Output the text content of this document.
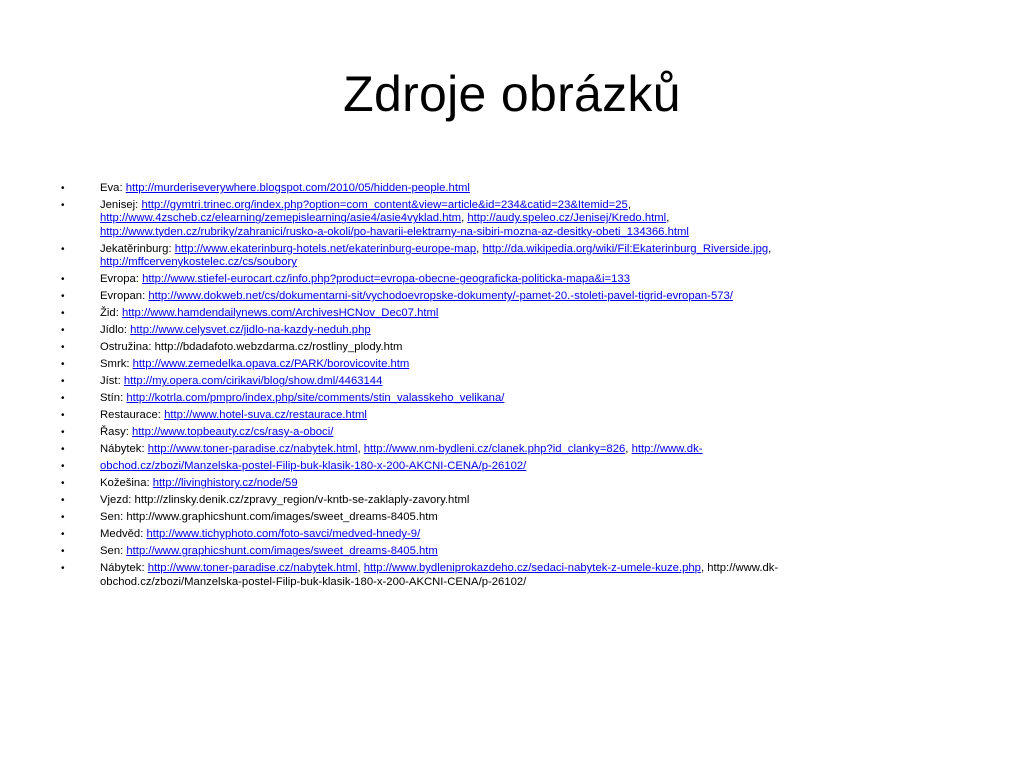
Zdroje obrázků
•	Eva: http://murderiseverywhere.blogspot.com/2010/05/hidden-people.html
•	Jenisej: http://gymtri.trinec.org/index.php?option=com_content&view=article&id=234&catid=23&Itemid=25,
http://www.4zscheb.cz/elearning/zemepislearning/asie4/asie4vyklad.htm, http://audy.speleo.cz/Jenisej/Kredo.html,
http://www.tyden.cz/rubriky/zahranici/rusko-a-okoli/po-havarii-elektrarny-na-sibiri-mozna-az-desitky-obeti_134366.html
•	Jekatěrinburg: http://www.ekaterinburg-hotels.net/ekaterinburg-europe-map, http://da.wikipedia.org/wiki/Fil:Ekaterinburg_Riverside.jpg,
http://mffcervenykostelec.cz/cs/soubory
•	Evropa: http://www.stiefel-eurocart.cz/info.php?product=evropa-obecne-geograficka-politicka-mapa&i=133
•	Evropan: http://www.dokweb.net/cs/dokumentarni-sit/vychodoevropske-dokumenty/-pamet-20.-stoleti-pavel-tigrid-evropan-573/
•	Žid: http://www.hamdendailynews.com/ArchivesHCNov_Dec07.html
•	Jídlo: http://www.celysvet.cz/jidlo-na-kazdy-neduh.php
•	Ostružina: http://bdadafoto.webzdarma.cz/rostliny_plody.htm
•	Smrk: http://www.zemedelka.opava.cz/PARK/borovicovite.htm
•	Jíst: http://my.opera.com/cirikavi/blog/show.dml/4463144
•	Stín: http://kotrla.com/pmpro/index.php/site/comments/stin_valasskeho_velikana/
•	Restaurace: http://www.hotel-suva.cz/restaurace.html
•	Řasy: http://www.topbeauty.cz/cs/rasy-a-oboci/
•	Nábytek: http://www.toner-paradise.cz/nabytek.html, http://www.nm-bydleni.cz/clanek.php?id_clanky=826, http://www.dk-
•	obchod.cz/zbozi/Manzelska-postel-Filip-buk-klasik-180-x-200-AKCNI-CENA/p-26102/
•	Kožešina: http://livinghistory.cz/node/59
•	Vjezd: http://zlinsky.denik.cz/zpravy_region/v-kntb-se-zaklaply-zavory.html
•	Sen: http://www.graphicshunt.com/images/sweet_dreams-8405.htm
•	Medvěd: http://www.tichyphoto.com/foto-savci/medved-hnedy-9/
•	Sen: http://www.graphicshunt.com/images/sweet_dreams-8405.htm
•	Nábytek: http://www.toner-paradise.cz/nabytek.html, http://www.bydleniprokazdeho.cz/sedaci-nabytek-z-umele-kuze.php, http://www.dk-
obchod.cz/zbozi/Manzelska-postel-Filip-buk-klasik-180-x-200-AKCNI-CENA/p-26102/
